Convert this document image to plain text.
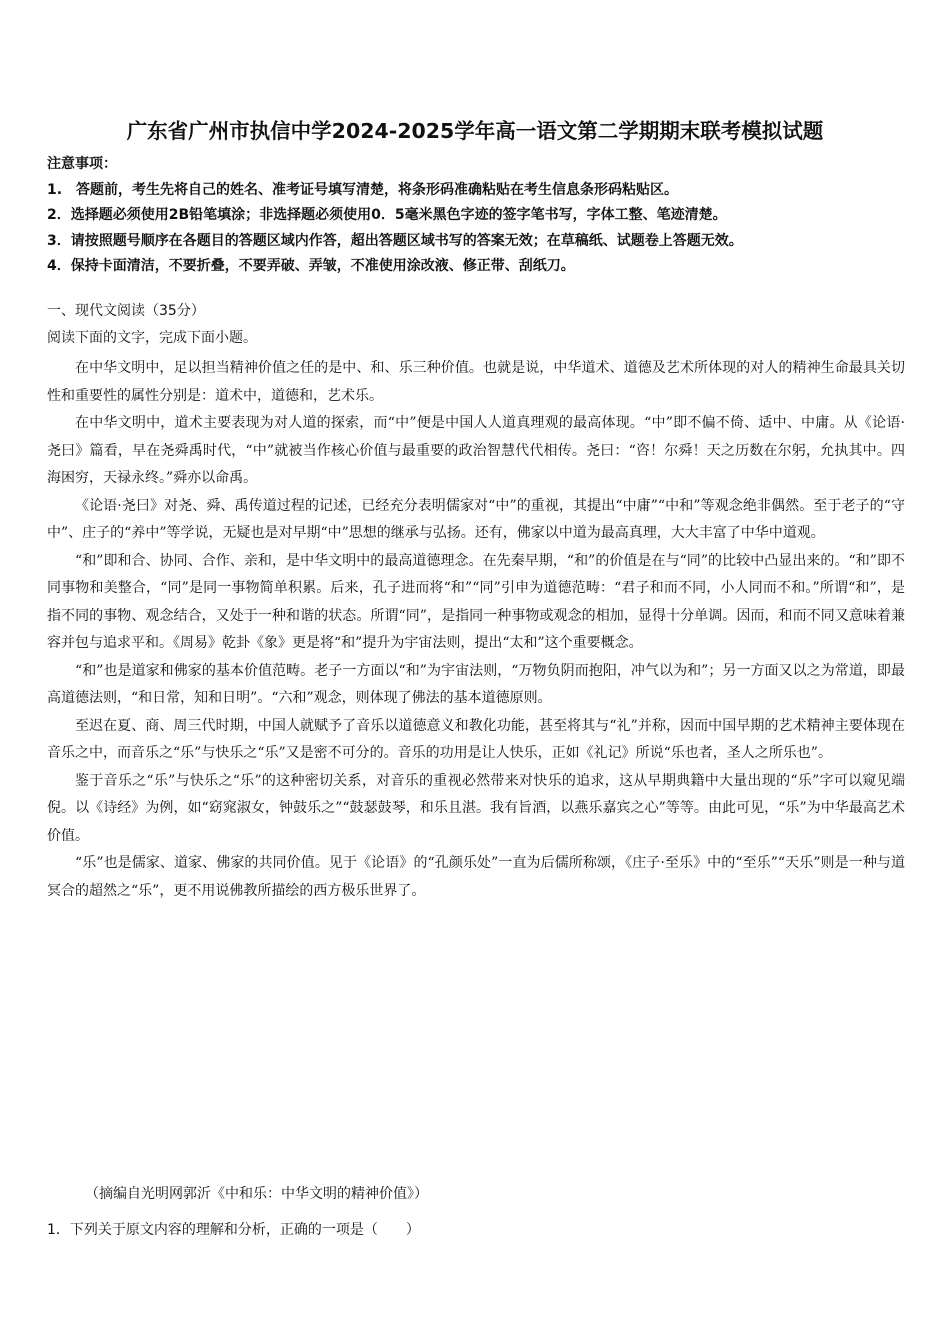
广东省广州市执信中学2024-2025学年高一语文第二学期期末联考模拟试题
注意事项：
1.　答题前，考生先将自己的姓名、准考证号填写清楚，将条形码准确粘贴在考生信息条形码粘贴区。
2．选择题必须使用2B铅笔填涂；非选择题必须使用0．5毫米黑色字迹的签字笔书写，字体工整、笔迹清楚。
3．请按照题号顺序在各题目的答题区域内作答，超出答题区域书写的答案无效；在草稿纸、试题卷上答题无效。
4．保持卡面清洁，不要折叠，不要弄破、弄皱，不准使用涂改液、修正带、刮纸刀。
一、现代文阅读（35分）
阅读下面的文字，完成下面小题。

在中华文明中，足以担当精神价值之任的是中、和、乐三种价值。也就是说，中华道术、道德及艺术所体现的对人的精神生命最具关切性和重要性的属性分别是：道术中，道德和，艺术乐。

在中华文明中，道术主要表现为对人道的探索，而“中”便是中国人人道真理观的最高体现。“中”即不偏不倚、适中、中庸。从《论语·尧曰》篇看，早在尧舜禹时代，“中”就被当作核心价值与最重要的政治智慧代代相传。尧曰：“咨！尔舜！天之历数在尔躬，允执其中。四海困穷，天禄永终。”舜亦以命禹。

《论语·尧曰》对尧、舜、禹传道过程的记述，已经充分表明儒家对“中”的重视，其提出“中庸”“中和”等观念绝非偶然。至于老子的“守中”、庄子的“养中”等学说，无疑也是对早期“中”思想的继承与弘扬。还有，佛家以中道为最高真理，大大丰富了中华中道观。

“和”即和合、协同、合作、亲和，是中华文明中的最高道德理念。在先秦早期，“和”的价值是在与“同”的比较中凸显出来的。“和”即不同事物和美整合，“同”是同一事物简单积累。后来，孔子进而将“和”“同”引申为道德范畴：“君子和而不同，小人同而不和。”所谓“和”，是指不同的事物、观念结合，又处于一种和谐的状态。所谓“同”，是指同一种事物或观念的相加，显得十分单调。因而，和而不同又意味着兼容并包与追求平和。《周易》乾卦《象》更是将“和”提升为宇宙法则，提出“太和”这个重要概念。

“和”也是道家和佛家的基本价值范畴。老子一方面以“和”为宇宙法则，“万物负阴而抱阳，冲气以为和”；另一方面又以之为常道，即最高道德法则，“和日常，知和日明”。“六和”观念，则体现了佛法的基本道德原则。

至迟在夏、商、周三代时期，中国人就赋予了音乐以道德意义和教化功能，甚至将其与“礼”并称，因而中国早期的艺术精神主要体现在音乐之中，而音乐之“乐”与快乐之“乐”又是密不可分的。音乐的功用是让人快乐，正如《礼记》所说“乐也者，圣人之所乐也”。

鉴于音乐之“乐”与快乐之“乐”的这种密切关系，对音乐的重视必然带来对快乐的追求，这从早期典籍中大量出现的“乐”字可以窥见端倪。以《诗经》为例，如“窈窕淑女，钟鼓乐之”“鼓瑟鼓琴，和乐且湛。我有旨酒，以燕乐嘉宾之心”等等。由此可见，“乐”为中华最高艺术价值。

“乐”也是儒家、道家、佛家的共同价值。见于《论语》的“孔颜乐处”一直为后儒所称颂，《庄子·至乐》中的“至乐”“天乐”则是一种与道冥合的超然之“乐”，更不用说佛教所描绘的西方极乐世界了。

（摘编自光明网郭沂《中和乐：中华文明的精神价值》）
1．下列关于原文内容的理解和分析，正确的一项是（　　）
